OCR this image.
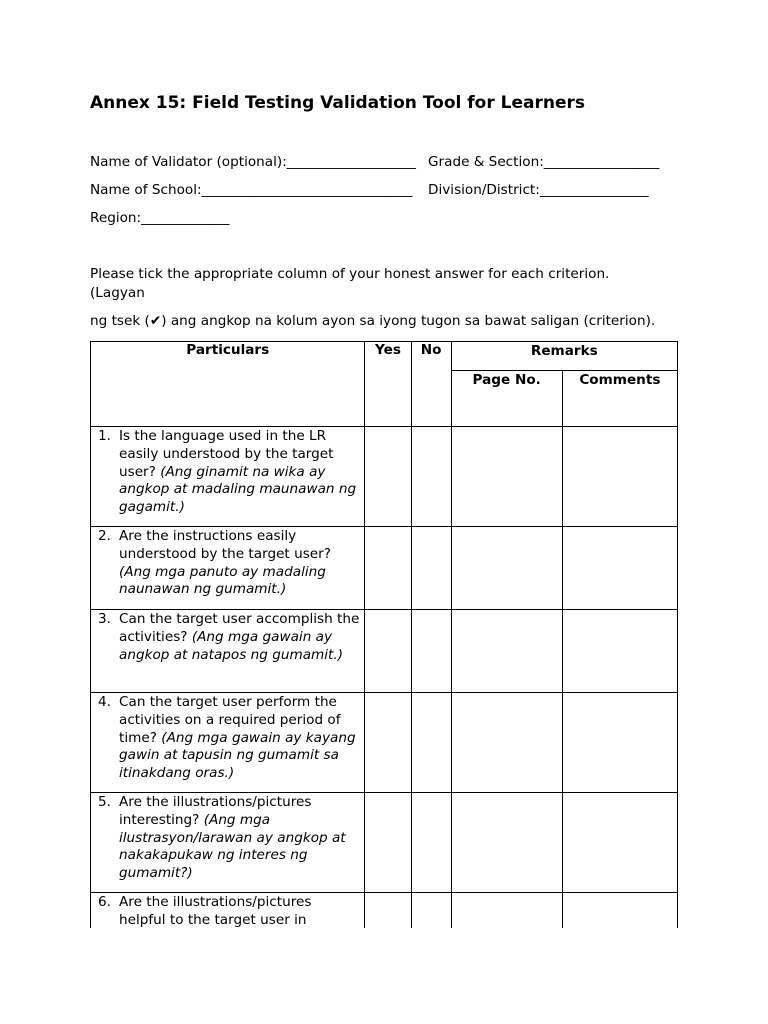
Annex 15: Field Testing Validation Tool for Learners
Name of Validator (optional):___________________ Grade & Section:_________________
Name of School:_______________________________ Division/District:________________
Region:_____________
Please tick the appropriate column of your honest answer for each criterion.
(Lagyan
ng tsek (✔) ang angkop na kolum ayon sa iyong tugon sa bawat saligan (criterion).
Particulars	Yes	No	Remarks	
			Page No.	Comments

1. Is the language used in the LR easily understood by the target user? (Ang ginamit na wika ay angkop at madaling maunawan ng gagamit.)				

2. Are the instructions easily understood by the target user? (Ang mga panuto ay madaling naunawan ng gumamit.)				

3. Can the target user accomplish the activities? (Ang mga gawain ay angkop at natapos ng gumamit.)				

4. Can the target user perform the activities on a required period of time? (Ang mga gawain ay kayang gawin at tapusin ng gumamit sa itinakdang oras.)				

5. Are the illustrations/pictures interesting? (Ang mga ilustrasyon/larawan ay angkop at nakakapukaw ng interes ng gumamit?)				

6. Are the illustrations/pictures helpful to the target user in				
